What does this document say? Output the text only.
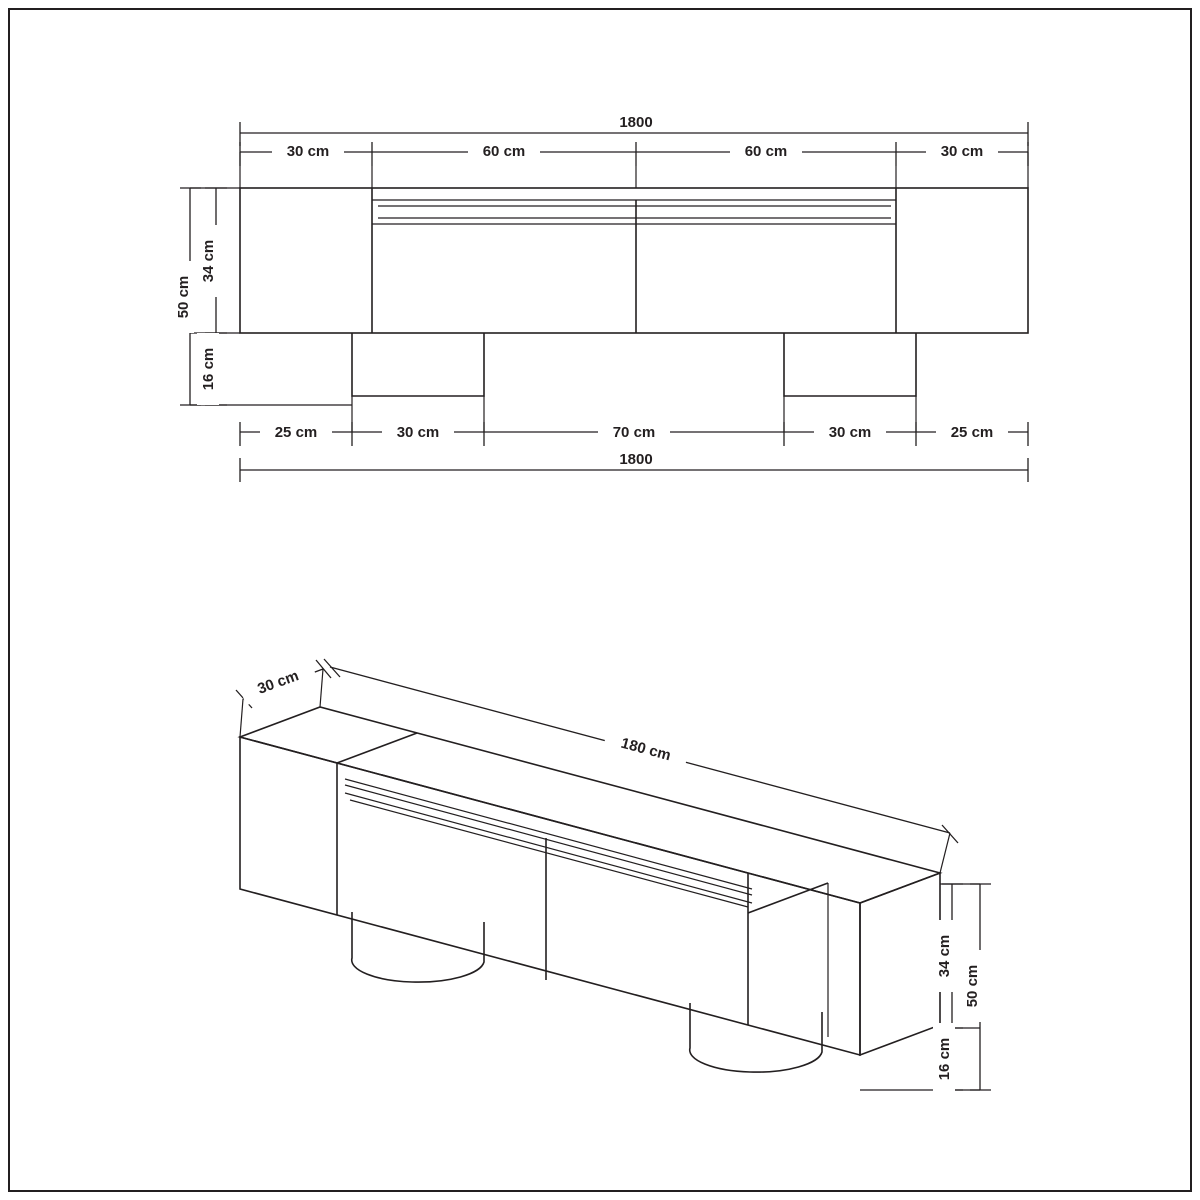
1800
30 cm	60 cm	60 cm	30 cm
34 cm
50 cm
16 cm
25 cm	30 cm	70 cm	30 cm	25 cm
1800
30 cm
180 cm
34 cm
50 cm
16 cm
